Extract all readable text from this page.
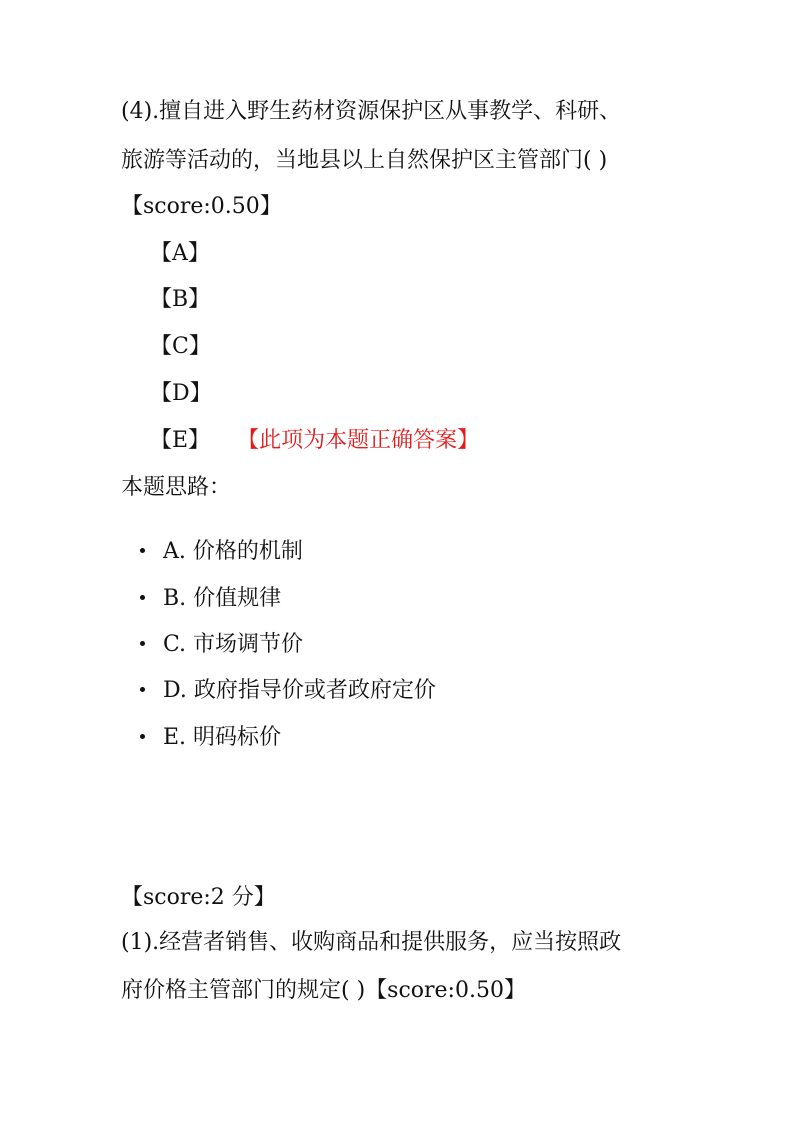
(4).擅自进入野生药材资源保护区从事教学、科研、
旅游等活动的，当地县以上自然保护区主管部门( )
【score:0.50】
【A】
【B】
【C】
【D】
【E】 【此项为本题正确答案】
本题思路：
A. 价格的机制
B. 价值规律
C. 市场调节价
D. 政府指导价或者政府定价
E. 明码标价
【score:2 分】
(1).经营者销售、收购商品和提供服务，应当按照政
府价格主管部门的规定( )【score:0.50】
